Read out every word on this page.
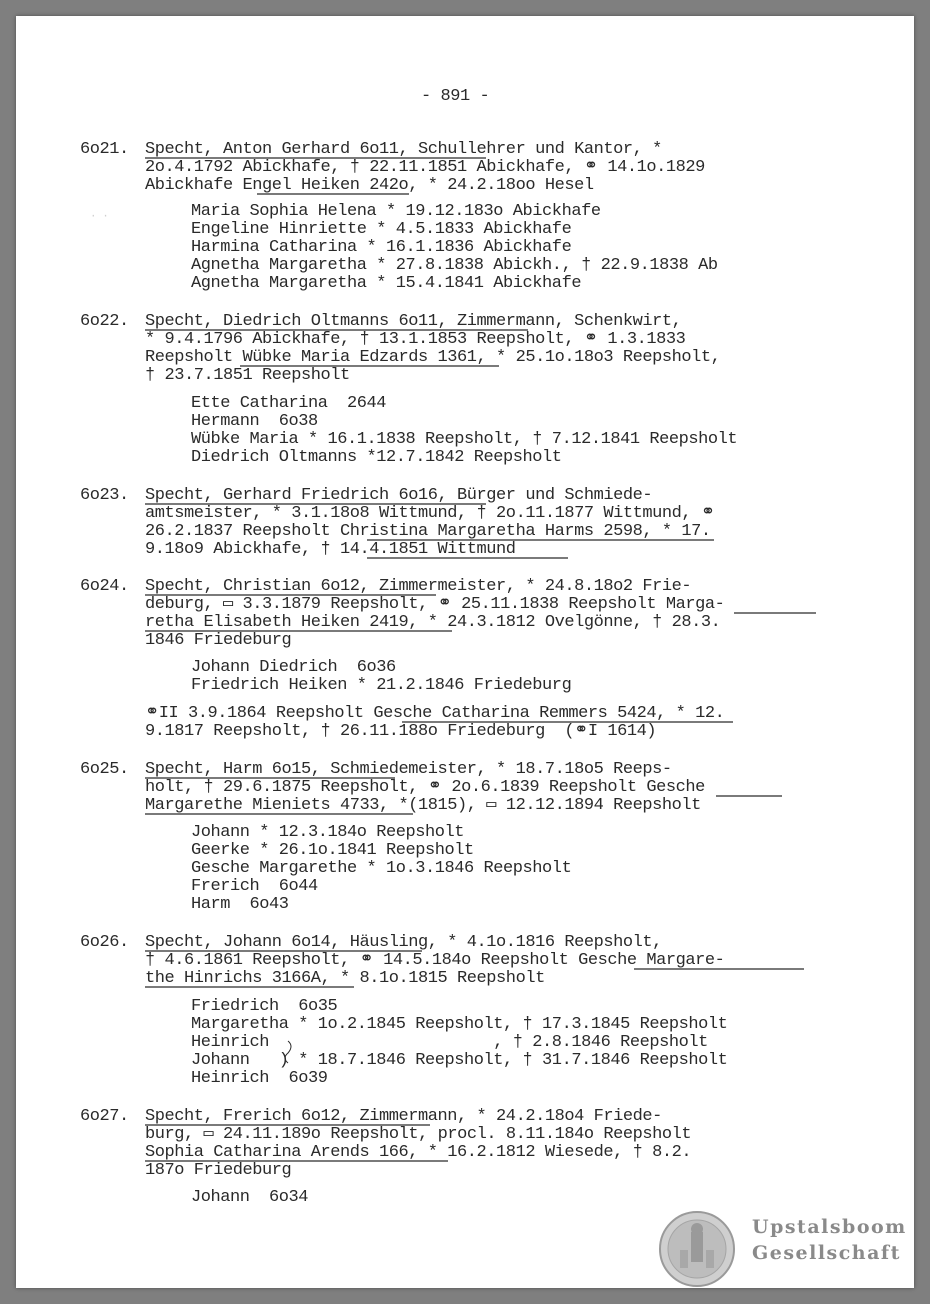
- 891 -
· ·
6o21. Specht, Anton Gerhard 6o11, Schullehrer und Kantor, *
2o.4.1792 Abickhafe, † 22.11.1851 Abickhafe, ⚭ 14.1o.1829
Abickhafe Engel Heiken 242o, * 24.2.18oo Hesel
Maria Sophia Helena * 19.12.183o Abickhafe
Engeline Hinriette * 4.5.1833 Abickhafe
Harmina Catharina * 16.1.1836 Abickhafe
Agnetha Margaretha * 27.8.1838 Abickh., † 22.9.1838 Ab
Agnetha Margaretha * 15.4.1841 Abickhafe
6o22. Specht, Diedrich Oltmanns 6o11, Zimmermann, Schenkwirt,
* 9.4.1796 Abickhafe, † 13.1.1853 Reepsholt, ⚭ 1.3.1833
Reepsholt Wübke Maria Edzards 1361, * 25.1o.18o3 Reepsholt,
† 23.7.1851 Reepsholt
Ette Catharina  2644
Hermann  6o38
Wübke Maria * 16.1.1838 Reepsholt, † 7.12.1841 Reepsholt
Diedrich Oltmanns *12.7.1842 Reepsholt
6o23. Specht, Gerhard Friedrich 6o16, Bürger und Schmiede-
amtsmeister, * 3.1.18o8 Wittmund, † 2o.11.1877 Wittmund, ⚭
26.2.1837 Reepsholt Christina Margaretha Harms 2598, * 17.
9.18o9 Abickhafe, † 14.4.1851 Wittmund
6o24. Specht, Christian 6o12, Zimmermeister, * 24.8.18o2 Frie-
deburg, ▭ 3.3.1879 Reepsholt, ⚭ 25.11.1838 Reepsholt Marga-
retha Elisabeth Heiken 2419, * 24.3.1812 Ovelgönne, † 28.3.
1846 Friedeburg
Johann Diedrich  6o36
Friedrich Heiken * 21.2.1846 Friedeburg
⚭II 3.9.1864 Reepsholt Gesche Catharina Remmers 5424, * 12.
9.1817 Reepsholt, † 26.11.188o Friedeburg  (⚭I 1614)
6o25. Specht, Harm 6o15, Schmiedemeister, * 18.7.18o5 Reeps-
holt, † 29.6.1875 Reepsholt, ⚭ 2o.6.1839 Reepsholt Gesche
Margarethe Mieniets 4733, *(1815), ▭ 12.12.1894 Reepsholt
Johann * 12.3.184o Reepsholt
Geerke * 26.1o.1841 Reepsholt
Gesche Margarethe * 1o.3.1846 Reepsholt
Frerich  6o44
Harm  6o43
6o26. Specht, Johann 6o14, Häusling, * 4.1o.1816 Reepsholt,
† 4.6.1861 Reepsholt, ⚭ 14.5.184o Reepsholt Gesche Margare-
the Hinrichs 3166A, * 8.1o.1815 Reepsholt
Friedrich  6o35
Margaretha * 1o.2.1845 Reepsholt, † 17.3.1845 Reepsholt
Heinrich                       , † 2.8.1846 Reepsholt
Johann   ) * 18.7.1846 Reepsholt, † 31.7.1846 Reepsholt
Heinrich  6o39
6o27. Specht, Frerich 6o12, Zimmermann, * 24.2.18o4 Friede-
burg, ▭ 24.11.189o Reepsholt, procl. 8.11.184o Reepsholt
Sophia Catharina Arends 166, * 16.2.1812 Wiesede, † 8.2.
187o Friedeburg
Johann  6o34
Upstalsboom
Gesellschaft
